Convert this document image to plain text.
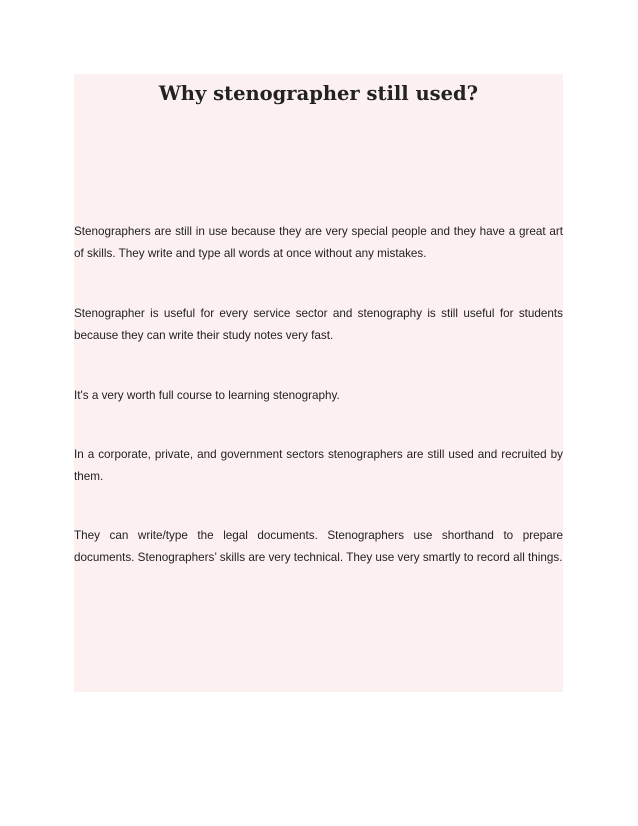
Why stenographer still used?

Stenographers are still in use because they are very special people and they have a great art of skills. They write and type all words at once without any mistakes.

Stenographer is useful for every service sector and stenography is still useful for students because they can write their study notes very fast.

It's a very worth full course to learning stenography.

In a corporate, private, and government sectors stenographers are still used and recruited by them.

They can write/type the legal documents. Stenographers use shorthand to prepare documents. Stenographers’ skills are very technical. They use very smartly to record all things.
